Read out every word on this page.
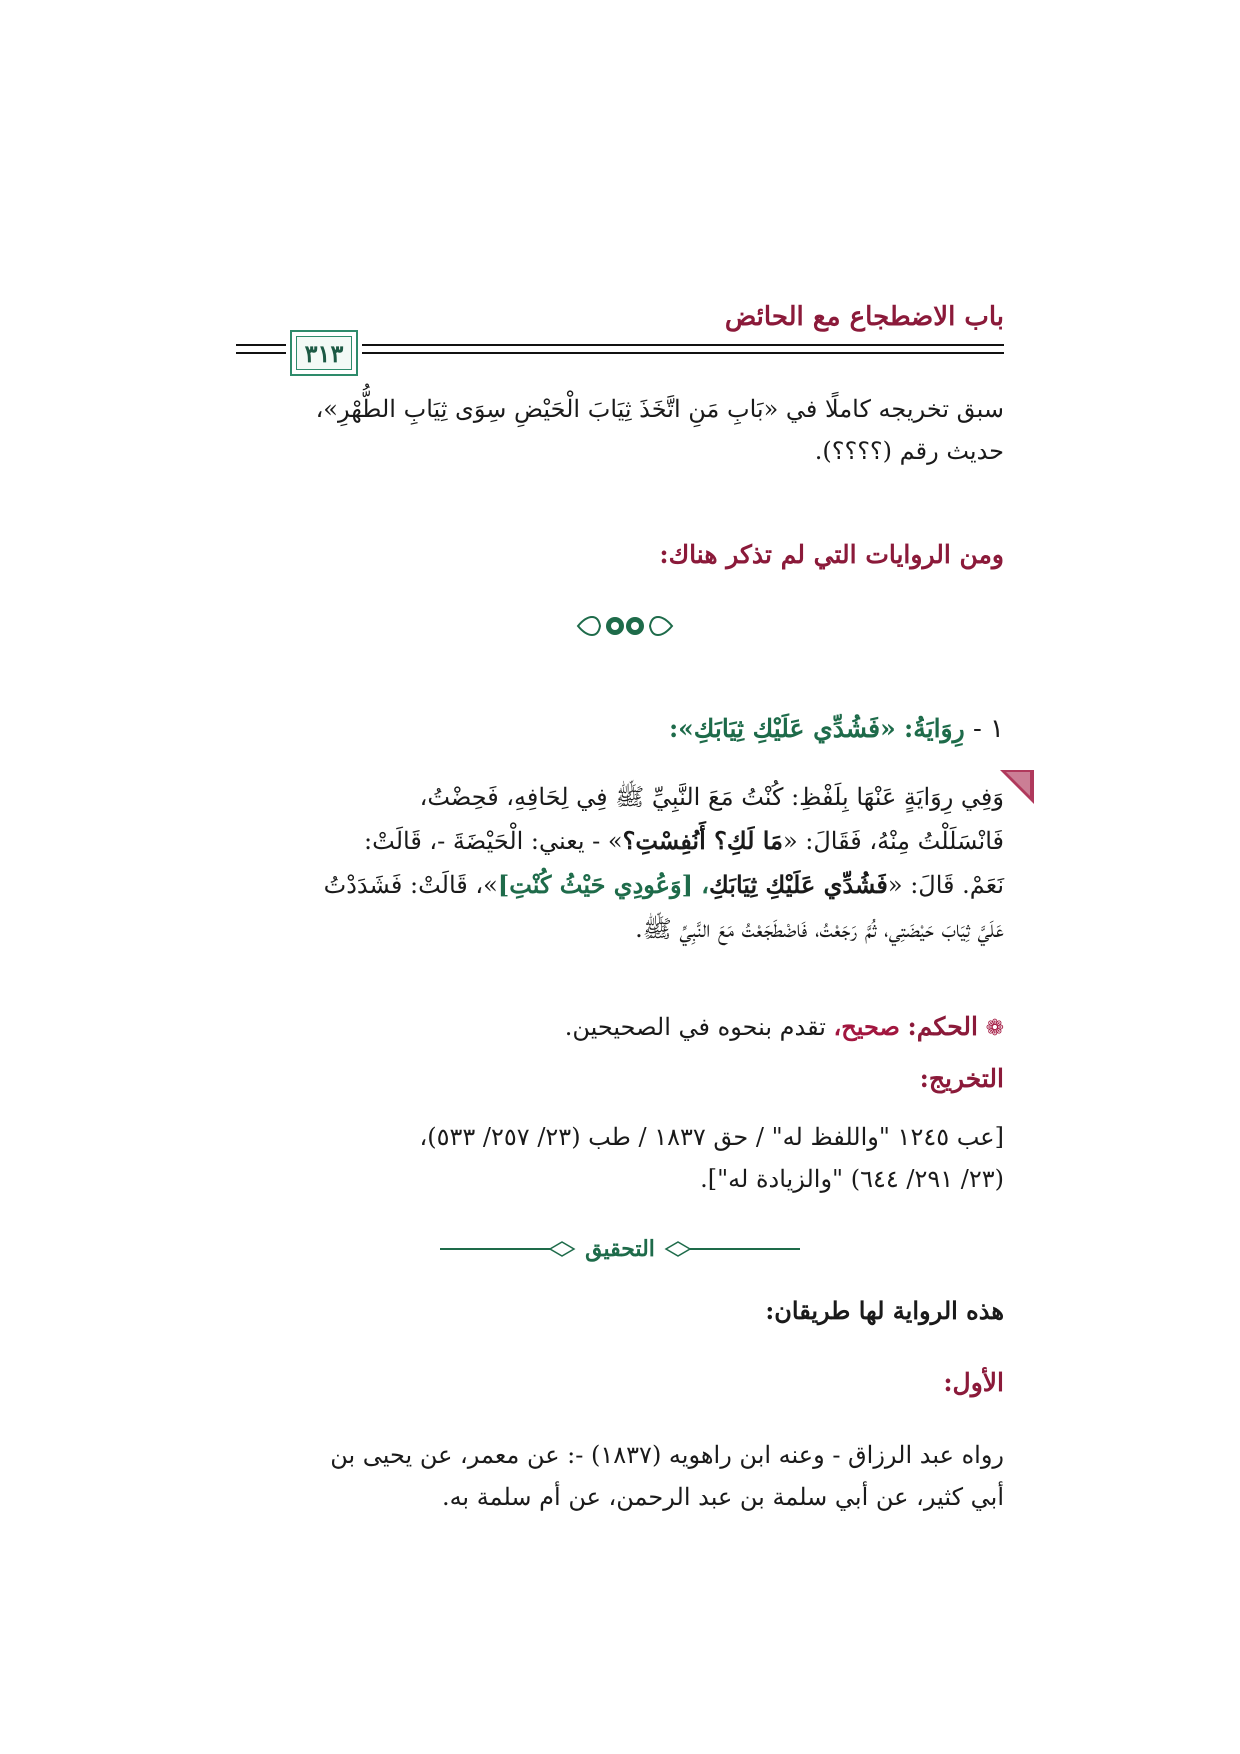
باب الاضطجاع مع الحائض
٣١٣
سبق تخريجه كاملًا في «بَابِ مَنِ اتَّخَذَ ثِيَابَ الْحَيْضِ سِوَى ثِيَابِ الطُّهْرِ»،
حديث رقم (؟؟؟؟).
ومن الروايات التي لم تذكر هناك:
١ - رِوَايَةُ: «فَشُدِّي عَلَيْكِ ثِيَابَكِ»:
وَفِي رِوَايَةٍ عَنْهَا بِلَفْظِ: كُنْتُ مَعَ النَّبِيِّ ﷺ فِي لِحَافِهِ، فَحِضْتُ،
فَانْسَلَلْتُ مِنْهُ، فَقَالَ: «مَا لَكِ؟ أَنُفِسْتِ؟» - يعني: الْحَيْضَةَ -، قَالَتْ:
نَعَمْ. قَالَ: «فَشُدِّي عَلَيْكِ ثِيَابَكِ، [وَعُودِي حَيْثُ كُنْتِ]»، قَالَتْ: فَشَدَدْتُ
عَلَيَّ ثِيَابَ حَيْضَتِي، ثُمَّ رَجَعْتُ، فَاضْطَجَعْتُ مَعَ النَّبِيِّ ﷺ.
❁ الحكم: صحيح، تقدم بنحوه في الصحيحين.
التخريج:
[عب ١٢٤٥ "واللفظ له" / حق ١٨٣٧ / طب (٢٣/ ٢٥٧/ ٥٣٣)،
(٢٣/ ٢٩١/ ٦٤٤) "والزيادة له"].
التحقيق
هذه الرواية لها طريقان:
الأول:
رواه عبد الرزاق - وعنه ابن راهويه (١٨٣٧) -: عن معمر، عن يحيى بن
أبي كثير، عن أبي سلمة بن عبد الرحمن، عن أم سلمة به.
